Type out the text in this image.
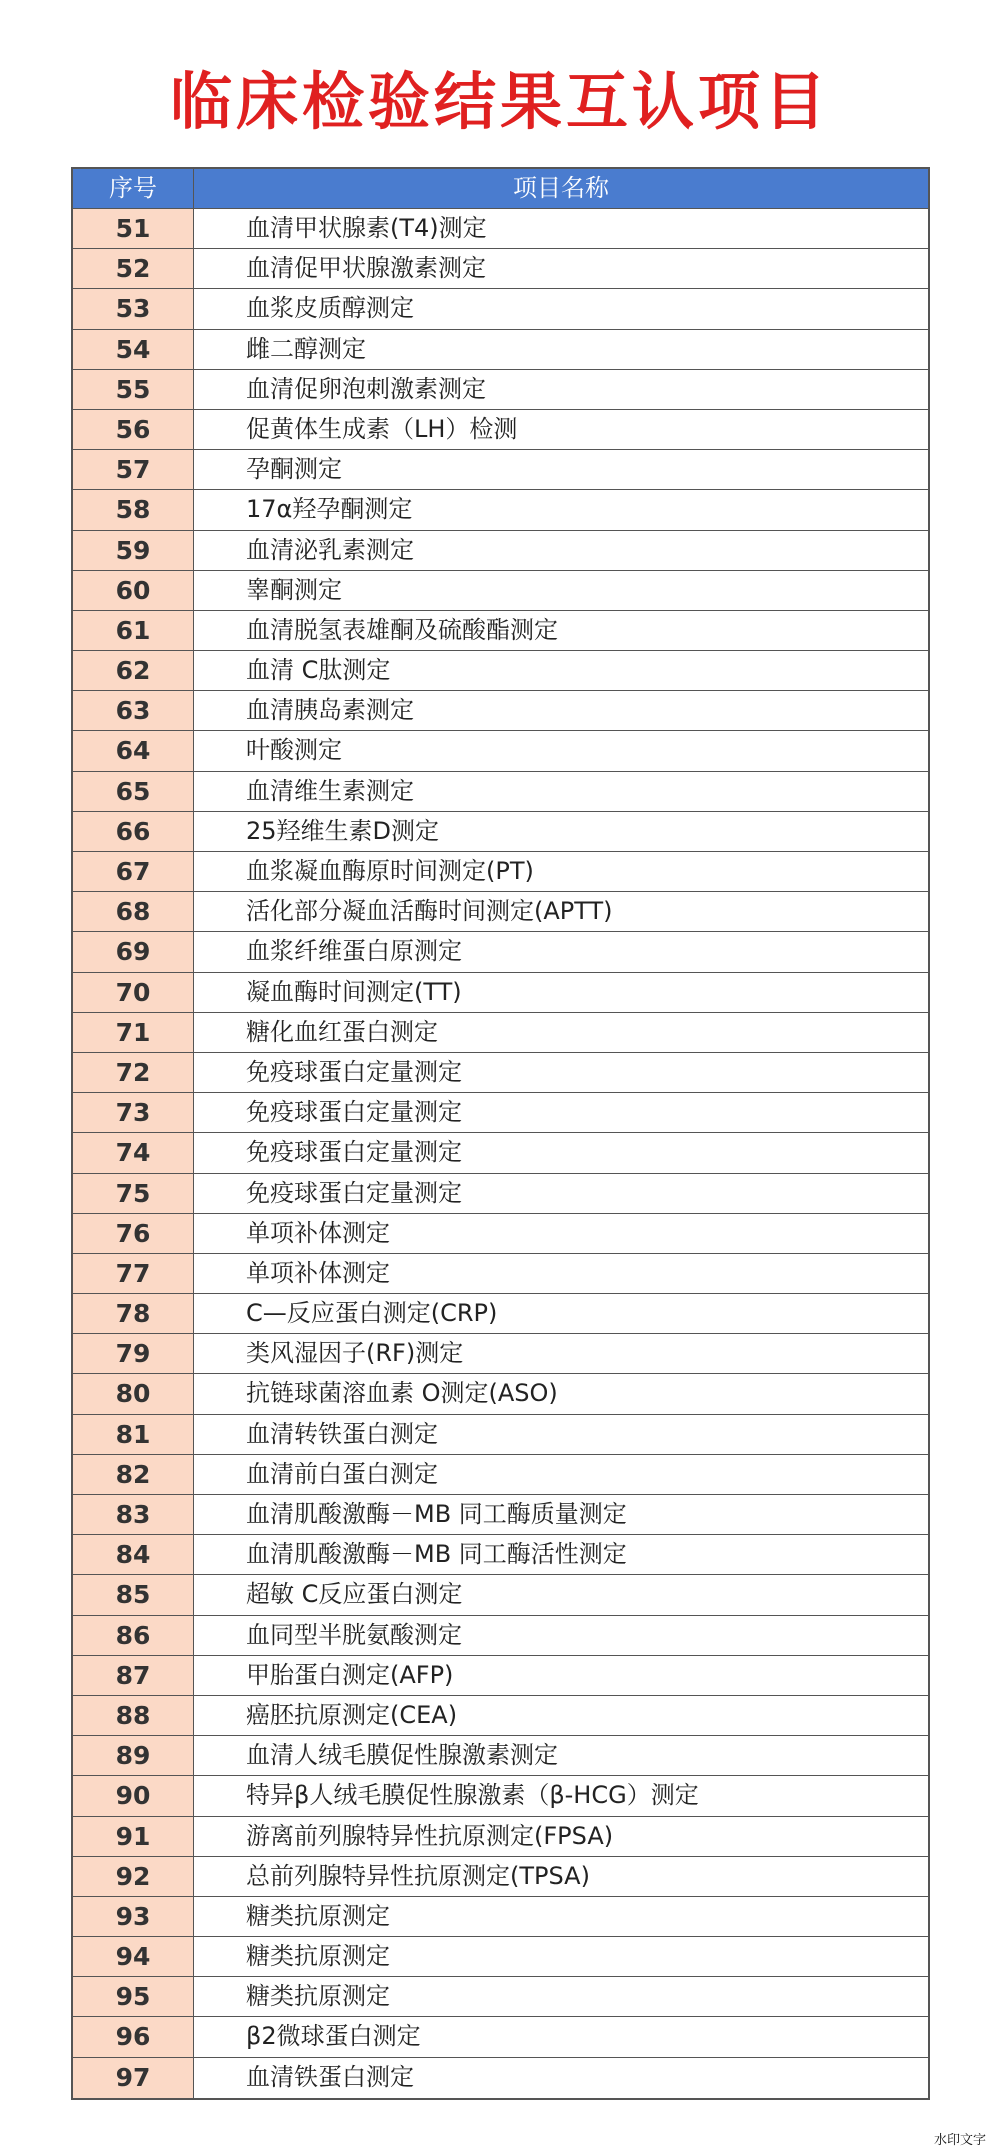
临床检验结果互认项目
序号	项目名称
51	血清甲状腺素(T4)测定
52	血清促甲状腺激素测定
53	血浆皮质醇测定
54	雌二醇测定
55	血清促卵泡刺激素测定
56	促黄体生成素（LH）检测
57	孕酮测定
58	17α羟孕酮测定
59	血清泌乳素测定
60	睾酮测定
61	血清脱氢表雄酮及硫酸酯测定
62	血清 C肽测定
63	血清胰岛素测定
64	叶酸测定
65	血清维生素测定
66	25羟维生素D测定
67	血浆凝血酶原时间测定(PT)
68	活化部分凝血活酶时间测定(APTT)
69	血浆纤维蛋白原测定
70	凝血酶时间测定(TT)
71	糖化血红蛋白测定
72	免疫球蛋白定量测定
73	免疫球蛋白定量测定
74	免疫球蛋白定量测定
75	免疫球蛋白定量测定
76	单项补体测定
77	单项补体测定
78	C—反应蛋白测定(CRP)
79	类风湿因子(RF)测定
80	抗链球菌溶血素 O测定(ASO)
81	血清转铁蛋白测定
82	血清前白蛋白测定
83	血清肌酸激酶－MB 同工酶质量测定
84	血清肌酸激酶－MB 同工酶活性测定
85	超敏 C反应蛋白测定
86	血同型半胱氨酸测定
87	甲胎蛋白测定(AFP)
88	癌胚抗原测定(CEA)
89	血清人绒毛膜促性腺激素测定
90	特异β人绒毛膜促性腺激素（β-HCG）测定
91	游离前列腺特异性抗原测定(FPSA)
92	总前列腺特异性抗原测定(TPSA)
93	糖类抗原测定
94	糖类抗原测定
95	糖类抗原测定
96	β2微球蛋白测定
97	血清铁蛋白测定
水印文字
